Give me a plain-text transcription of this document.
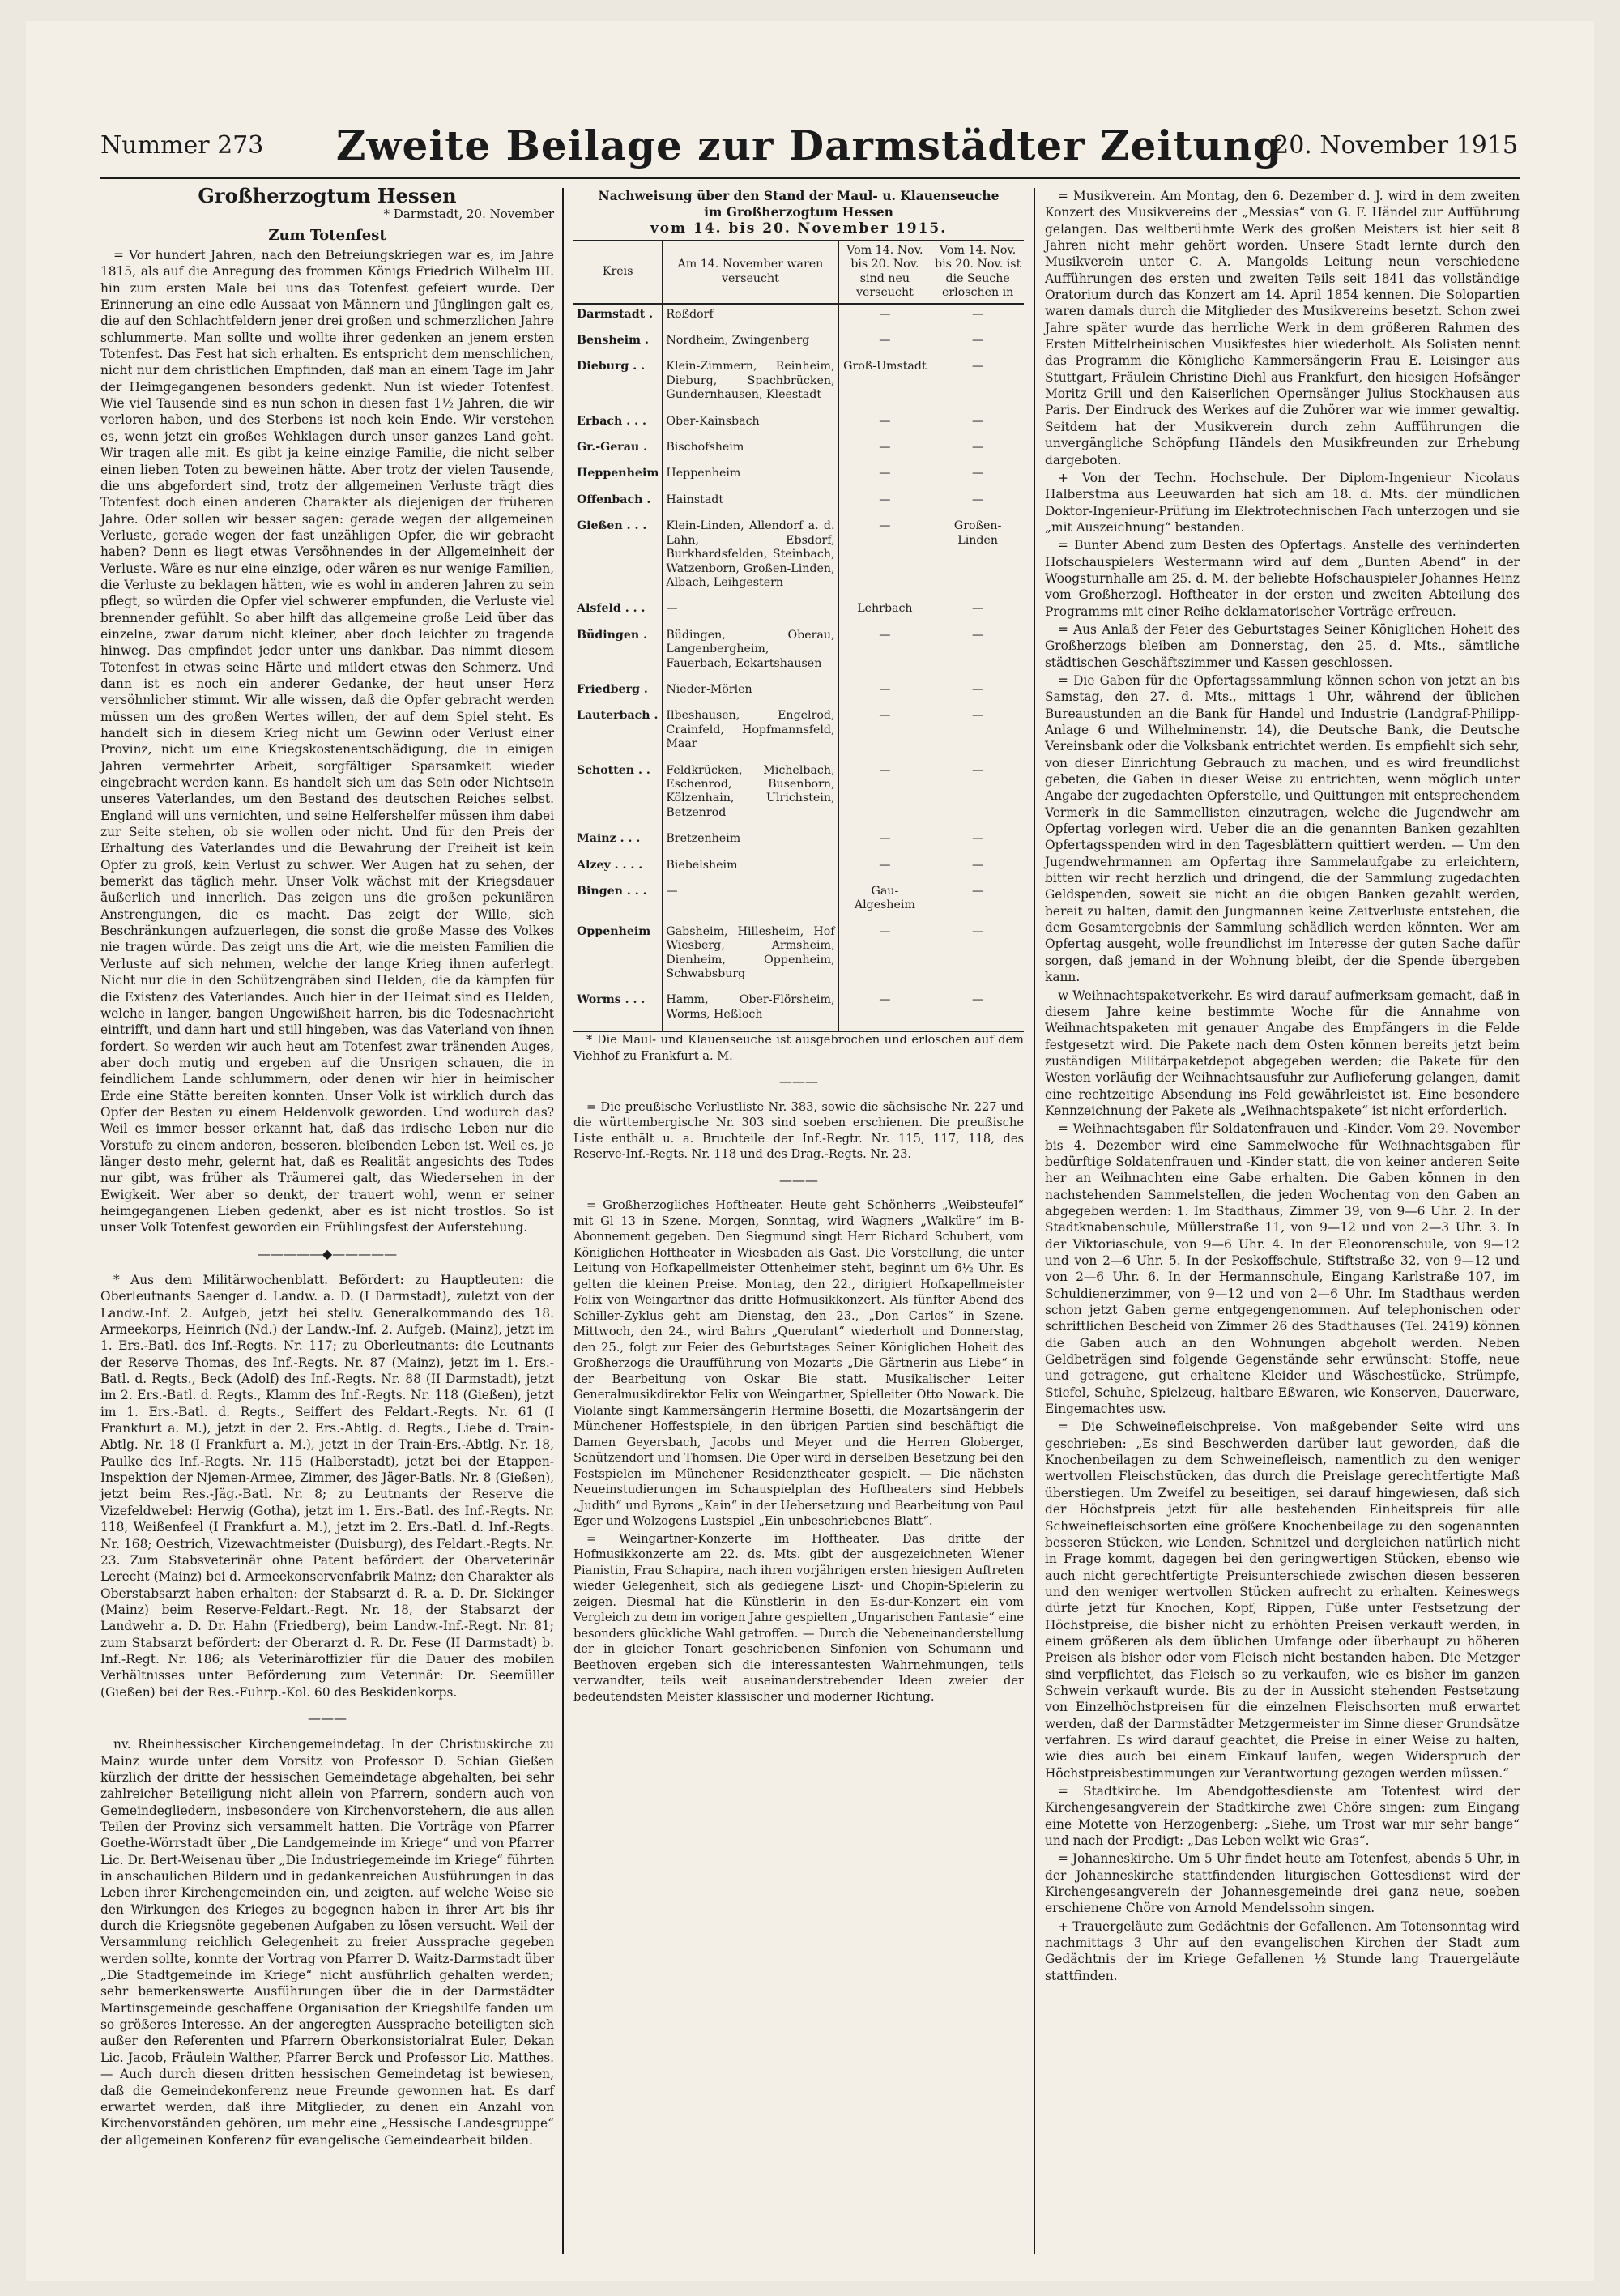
Nummer 273	Zweite Beilage zur Darmstädter Zeitung
20. November 1915
Großherzogtum Hessen
* Darmstadt, 20. November
Zum Totenfest

= Vor hundert Jahren, nach den Befreiungskriegen war es, im Jahre 1815, als auf die Anregung des frommen Königs Friedrich Wilhelm III. hin zum ersten Male bei uns das Totenfest gefeiert wurde. Der Erinnerung an eine edle Aussaat von Männern und Jünglingen galt es, die auf den Schlachtfeldern jener drei großen und schmerzlichen Jahre schlummerte. Man sollte und wollte ihrer gedenken an jenem ersten Totenfest. Das Fest hat sich erhalten. Es entspricht dem menschlichen, nicht nur dem christlichen Empfinden, daß man an einem Tage im Jahr der Heimgegangenen besonders gedenkt. Nun ist wieder Totenfest. Wie viel Tausende sind es nun schon in diesen fast 1½ Jahren, die wir verloren haben, und des Sterbens ist noch kein Ende. Wir verstehen es, wenn jetzt ein großes Wehklagen durch unser ganzes Land geht. Wir tragen alle mit. Es gibt ja keine einzige Familie, die nicht selber einen lieben Toten zu beweinen hätte. Aber trotz der vielen Tausende, die uns abgefordert sind, trotz der allgemeinen Verluste trägt dies Totenfest doch einen anderen Charakter als diejenigen der früheren Jahre. Oder sollen wir besser sagen: gerade wegen der allgemeinen Verluste, gerade wegen der fast unzähligen Opfer, die wir gebracht haben? Denn es liegt etwas Versöhnendes in der Allgemeinheit der Verluste. Wäre es nur eine einzige, oder wären es nur wenige Familien, die Verluste zu beklagen hätten, wie es wohl in anderen Jahren zu sein pflegt, so würden die Opfer viel schwerer empfunden, die Verluste viel brennender gefühlt. So aber hilft das allgemeine große Leid über das einzelne, zwar darum nicht kleiner, aber doch leichter zu tragende hinweg. Das empfindet jeder unter uns dankbar. Das nimmt diesem Totenfest in etwas seine Härte und mildert etwas den Schmerz. Und dann ist es noch ein anderer Gedanke, der heut unser Herz versöhnlicher stimmt. Wir alle wissen, daß die Opfer gebracht werden müssen um des großen Wertes willen, der auf dem Spiel steht. Es handelt sich in diesem Krieg nicht um Gewinn oder Verlust einer Provinz, nicht um eine Kriegskostenentschädigung, die in einigen Jahren vermehrter Arbeit, sorgfältiger Sparsamkeit wieder eingebracht werden kann. Es handelt sich um das Sein oder Nichtsein unseres Vaterlandes, um den Bestand des deutschen Reiches selbst. England will uns vernichten, und seine Helfershelfer müssen ihm dabei zur Seite stehen, ob sie wollen oder nicht. Und für den Preis der Erhaltung des Vaterlandes und die Bewahrung der Freiheit ist kein Opfer zu groß, kein Verlust zu schwer. Wer Augen hat zu sehen, der bemerkt das täglich mehr. Unser Volk wächst mit der Kriegsdauer äußerlich und innerlich. Das zeigen uns die großen pekuniären Anstrengungen, die es macht. Das zeigt der Wille, sich Beschränkungen aufzuerlegen, die sonst die große Masse des Volkes nie tragen würde. Das zeigt uns die Art, wie die meisten Familien die Verluste auf sich nehmen, welche der lange Krieg ihnen auferlegt. Nicht nur die in den Schützengräben sind Helden, die da kämpfen für die Existenz des Vaterlandes. Auch hier in der Heimat sind es Helden, welche in langer, bangen Ungewißheit harren, bis die Todesnachricht eintrifft, und dann hart und still hingeben, was das Vaterland von ihnen fordert. So werden wir auch heut am Totenfest zwar tränenden Auges, aber doch mutig und ergeben auf die Unsrigen schauen, die in feindlichem Lande schlummern, oder denen wir hier in heimischer Erde eine Stätte bereiten konnten. Unser Volk ist wirklich durch das Opfer der Besten zu einem Heldenvolk geworden. Und wodurch das? Weil es immer besser erkannt hat, daß das irdische Leben nur die Vorstufe zu einem anderen, besseren, bleibenden Leben ist. Weil es, je länger desto mehr, gelernt hat, daß es Realität angesichts des Todes nur gibt, was früher als Träumerei galt, das Wiedersehen in der Ewigkeit. Wer aber so denkt, der trauert wohl, wenn er seiner heimgegangenen Lieben gedenkt, aber es ist nicht trostlos. So ist unser Volk Totenfest geworden ein Frühlingsfest der Auferstehung.

—————◆—————

* Aus dem Militärwochenblatt. Befördert: zu Hauptleuten: die Oberleutnants Saenger d. Landw. a. D. (I Darmstadt), zuletzt von der Landw.-Inf. 2. Aufgeb, jetzt bei stellv. Generalkommando des 18. Armeekorps, Heinrich (Nd.) der Landw.-Inf. 2. Aufgeb. (Mainz), jetzt im 1. Ers.-Batl. des Inf.-Regts. Nr. 117; zu Oberleutnants: die Leutnants der Reserve Thomas, des Inf.-Regts. Nr. 87 (Mainz), jetzt im 1. Ers.-Batl. d. Regts., Beck (Adolf) des Inf.-Regts. Nr. 88 (II Darmstadt), jetzt im 2. Ers.-Batl. d. Regts., Klamm des Inf.-Regts. Nr. 118 (Gießen), jetzt im 1. Ers.-Batl. d. Regts., Seiffert des Feldart.-Regts. Nr. 61 (I Frankfurt a. M.), jetzt in der 2. Ers.-Abtlg. d. Regts., Liebe d. Train-Abtlg. Nr. 18 (I Frankfurt a. M.), jetzt in der Train-Ers.-Abtlg. Nr. 18, Paulke des Inf.-Regts. Nr. 115 (Halberstadt), jetzt bei der Etappen-Inspektion der Njemen-Armee, Zimmer, des Jäger-Batls. Nr. 8 (Gießen), jetzt beim Res.-Jäg.-Batl. Nr. 8; zu Leutnants der Reserve die Vizefeldwebel: Herwig (Gotha), jetzt im 1. Ers.-Batl. des Inf.-Regts. Nr. 118, Weißenfeel (I Frankfurt a. M.), jetzt im 2. Ers.-Batl. d. Inf.-Regts. Nr. 168; Oestrich, Vizewachtmeister (Duisburg), des Feldart.-Regts. Nr. 23. Zum Stabsveterinär ohne Patent befördert der Oberveterinär Lerecht (Mainz) bei d. Armeekonservenfabrik Mainz; den Charakter als Oberstabsarzt haben erhalten: der Stabsarzt d. R. a. D. Dr. Sickinger (Mainz) beim Reserve-Feldart.-Regt. Nr. 18, der Stabsarzt der Landwehr a. D. Dr. Hahn (Friedberg), beim Landw.-Inf.-Regt. Nr. 81; zum Stabsarzt befördert: der Oberarzt d. R. Dr. Fese (II Darmstadt) b. Inf.-Regt. Nr. 186; als Veterinäroffizier für die Dauer des mobilen Verhältnisses unter Beförderung zum Veterinär: Dr. Seemüller (Gießen) bei der Res.-Fuhrp.-Kol. 60 des Beskidenkorps.

———

nv. Rheinhessischer Kirchengemeindetag. In der Christuskirche zu Mainz wurde unter dem Vorsitz von Professor D. Schian Gießen kürzlich der dritte der hessischen Gemeindetage abgehalten, bei sehr zahlreicher Beteiligung nicht allein von Pfarrern, sondern auch von Gemeindegliedern, insbesondere von Kirchenvorstehern, die aus allen Teilen der Provinz sich versammelt hatten. Die Vorträge von Pfarrer Goethe-Wörrstadt über „Die Landgemeinde im Kriege“ und von Pfarrer Lic. Dr. Bert-Weisenau über „Die Industriegemeinde im Kriege“ führten in anschaulichen Bildern und in gedankenreichen Ausführungen in das Leben ihrer Kirchengemeinden ein, und zeigten, auf welche Weise sie den Wirkungen des Krieges zu begegnen haben in ihrer Art bis ihr durch die Kriegsnöte gegebenen Aufgaben zu lösen versucht. Weil der Versammlung reichlich Gelegenheit zu freier Aussprache gegeben werden sollte, konnte der Vortrag von Pfarrer D. Waitz-Darmstadt über „Die Stadtgemeinde im Kriege“ nicht ausführlich gehalten werden; sehr bemerkenswerte Ausführungen über die in der Darmstädter Martinsgemeinde geschaffene Organisation der Kriegshilfe fanden um so größeres Interesse. An der angeregten Aussprache beteiligten sich außer den Referenten und Pfarrern Oberkonsistorialrat Euler, Dekan Lic. Jacob, Fräulein Walther, Pfarrer Berck und Professor Lic. Matthes. — Auch durch diesen dritten hessischen Gemeindetag ist bewiesen, daß die Gemeindekonferenz neue Freunde gewonnen hat. Es darf erwartet werden, daß ihre Mitglieder, zu denen ein Anzahl von Kirchenvorständen gehören, um mehr eine „Hessische Landesgruppe“ der allgemeinen Konferenz für evangelische Gemeindearbeit bilden.

Nachweisung über den Stand der Maul- u. Klauenseuche
im Großherzogtum Hessen
vom 14. bis 20. November 1915.
Kreis	Am 14. November waren verseucht	Vom 14. Nov. bis 20. Nov. sind neu verseucht	Vom 14. Nov. bis 20. Nov. ist die Seuche erloschen in
Darmstadt .	Roßdorf	—	—
Bensheim .	Nordheim, Zwingenberg	—	—
Dieburg . .	Klein-Zimmern, Reinheim, Dieburg, Spachbrücken, Gundernhausen, Kleestadt	Groß-Umstadt	—
Erbach . . .	Ober-Kainsbach	—	—
Gr.-Gerau .	Bischofsheim	—	—
Heppenheim	Heppenheim	—	—
Offenbach .	Hainstadt	—	—
Gießen . . .	Klein-Linden, Allendorf a. d. Lahn, Ebsdorf, Burkhardsfelden, Steinbach, Watzenborn, Großen-Linden, Albach, Leihgestern	—	Großen-Linden
Alsfeld . . .	—	Lehrbach	—
Büdingen .	Büdingen, Oberau, Langenbergheim, Fauerbach, Eckartshausen	—	—
Friedberg .	Nieder-Mörlen	—	—
Lauterbach .	Ilbeshausen, Engelrod, Crainfeld, Hopfmannsfeld, Maar	—	—
Schotten . .	Feldkrücken, Michelbach, Eschenrod, Busenborn, Kölzenhain, Ulrichstein, Betzenrod	—	—
Mainz . . .	Bretzenheim	—	—
Alzey . . . .	Biebelsheim	—	—
Bingen . . .	—	Gau-Algesheim	—
Oppenheim	Gabsheim, Hillesheim, Hof Wiesberg, Armsheim, Dienheim, Oppenheim, Schwabsburg	—	—
Worms . . .	Hamm, Ober-Flörsheim, Worms, Heßloch	—	—

* Die Maul- und Klauenseuche ist ausgebrochen und erloschen auf dem Viehhof zu Frankfurt a. M.

———

= Die preußische Verlustliste Nr. 383, sowie die sächsische Nr. 227 und die württembergische Nr. 303 sind soeben erschienen. Die preußische Liste enthält u. a. Bruchteile der Inf.-Regtr. Nr. 115, 117, 118, des Reserve-Inf.-Regts. Nr. 118 und des Drag.-Regts. Nr. 23.

———

= Großherzogliches Hoftheater. Heute geht Schönherrs „Weibsteufel“ mit Gl 13 in Szene. Morgen, Sonntag, wird Wagners „Walküre“ im B-Abonnement gegeben. Den Siegmund singt Herr Richard Schubert, vom Königlichen Hoftheater in Wiesbaden als Gast. Die Vorstellung, die unter Leitung von Hofkapellmeister Ottenheimer steht, beginnt um 6½ Uhr. Es gelten die kleinen Preise. Montag, den 22., dirigiert Hofkapellmeister Felix von Weingartner das dritte Hofmusikkonzert. Als fünfter Abend des Schiller-Zyklus geht am Dienstag, den 23., „Don Carlos“ in Szene. Mittwoch, den 24., wird Bahrs „Querulant“ wiederholt und Donnerstag, den 25., folgt zur Feier des Geburtstages Seiner Königlichen Hoheit des Großherzogs die Uraufführung von Mozarts „Die Gärtnerin aus Liebe“ in der Bearbeitung von Oskar Bie statt. Musikalischer Leiter Generalmusikdirektor Felix von Weingartner, Spielleiter Otto Nowack. Die Violante singt Kammersängerin Hermine Bosetti, die Mozartsängerin der Münchener Hoffestspiele, in den übrigen Partien sind beschäftigt die Damen Geyersbach, Jacobs und Meyer und die Herren Globerger, Schützendorf und Thomsen. Die Oper wird in derselben Besetzung bei den Festspielen im Münchener Residenztheater gespielt. — Die nächsten Neueinstudierungen im Schauspielplan des Hoftheaters sind Hebbels „Judith“ und Byrons „Kain“ in der Uebersetzung und Bearbeitung von Paul Eger und Wolzogens Lustspiel „Ein unbeschriebenes Blatt“.

= Weingartner-Konzerte im Hoftheater. Das dritte der Hofmusikkonzerte am 22. ds. Mts. gibt der ausgezeichneten Wiener Pianistin, Frau Schapira, nach ihren vorjährigen ersten hiesigen Auftreten wieder Gelegenheit, sich als gediegene Liszt- und Chopin-Spielerin zu zeigen. Diesmal hat die Künstlerin in den Es-dur-Konzert ein vom Vergleich zu dem im vorigen Jahre gespielten „Ungarischen Fantasie“ eine besonders glückliche Wahl getroffen. — Durch die Nebeneinanderstellung der in gleicher Tonart geschriebenen Sinfonien von Schumann und Beethoven ergeben sich die interessantesten Wahrnehmungen, teils verwandter, teils weit auseinanderstrebender Ideen zweier der bedeutendsten Meister klassischer und moderner Richtung.

= Musikverein. Am Montag, den 6. Dezember d. J. wird in dem zweiten Konzert des Musikvereins der „Messias“ von G. F. Händel zur Aufführung gelangen. Das weltberühmte Werk des großen Meisters ist hier seit 8 Jahren nicht mehr gehört worden. Unsere Stadt lernte durch den Musikverein unter C. A. Mangolds Leitung neun verschiedene Aufführungen des ersten und zweiten Teils seit 1841 das vollständige Oratorium durch das Konzert am 14. April 1854 kennen. Die Solopartien waren damals durch die Mitglieder des Musikvereins besetzt. Schon zwei Jahre später wurde das herrliche Werk in dem größeren Rahmen des Ersten Mittelrheinischen Musikfestes hier wiederholt. Als Solisten nennt das Programm die Königliche Kammersängerin Frau E. Leisinger aus Stuttgart, Fräulein Christine Diehl aus Frankfurt, den hiesigen Hofsänger Moritz Grill und den Kaiserlichen Opernsänger Julius Stockhausen aus Paris. Der Eindruck des Werkes auf die Zuhörer war wie immer gewaltig. Seitdem hat der Musikverein durch zehn Aufführungen die unvergängliche Schöpfung Händels den Musikfreunden zur Erhebung dargeboten.

+ Von der Techn. Hochschule. Der Diplom-Ingenieur Nicolaus Halberstma aus Leeuwarden hat sich am 18. d. Mts. der mündlichen Doktor-Ingenieur-Prüfung im Elektrotechnischen Fach unterzogen und sie „mit Auszeichnung“ bestanden.

= Bunter Abend zum Besten des Opfertags. Anstelle des verhinderten Hofschauspielers Westermann wird auf dem „Bunten Abend“ in der Woogsturnhalle am 25. d. M. der beliebte Hofschauspieler Johannes Heinz vom Großherzogl. Hoftheater in der ersten und zweiten Abteilung des Programms mit einer Reihe deklamatorischer Vorträge erfreuen.

= Aus Anlaß der Feier des Geburtstages Seiner Königlichen Hoheit des Großherzogs bleiben am Donnerstag, den 25. d. Mts., sämtliche städtischen Geschäftszimmer und Kassen geschlossen.

= Die Gaben für die Opfertagssammlung können schon von jetzt an bis Samstag, den 27. d. Mts., mittags 1 Uhr, während der üblichen Bureaustunden an die Bank für Handel und Industrie (Landgraf-Philipp-Anlage 6 und Wilhelminenstr. 14), die Deutsche Bank, die Deutsche Vereinsbank oder die Volksbank entrichtet werden. Es empfiehlt sich sehr, von dieser Einrichtung Gebrauch zu machen, und es wird freundlichst gebeten, die Gaben in dieser Weise zu entrichten, wenn möglich unter Angabe der zugedachten Opferstelle, und Quittungen mit entsprechendem Vermerk in die Sammellisten einzutragen, welche die Jugendwehr am Opfertag vorlegen wird. Ueber die an die genannten Banken gezahlten Opfertagsspenden wird in den Tagesblättern quittiert werden. — Um den Jugendwehrmannen am Opfertag ihre Sammelaufgabe zu erleichtern, bitten wir recht herzlich und dringend, die der Sammlung zugedachten Geldspenden, soweit sie nicht an die obigen Banken gezahlt werden, bereit zu halten, damit den Jungmannen keine Zeitverluste entstehen, die dem Gesamtergebnis der Sammlung schädlich werden könnten. Wer am Opfertag ausgeht, wolle freundlichst im Interesse der guten Sache dafür sorgen, daß jemand in der Wohnung bleibt, der die Spende übergeben kann.

w Weihnachtspaketverkehr. Es wird darauf aufmerksam gemacht, daß in diesem Jahre keine bestimmte Woche für die Annahme von Weihnachtspaketen mit genauer Angabe des Empfängers in die Felde festgesetzt wird. Die Pakete nach dem Osten können bereits jetzt beim zuständigen Militärpaketdepot abgegeben werden; die Pakete für den Westen vorläufig der Weihnachtsausfuhr zur Auflieferung gelangen, damit eine rechtzeitige Absendung ins Feld gewährleistet ist. Eine besondere Kennzeichnung der Pakete als „Weihnachtspakete“ ist nicht erforderlich.

= Weihnachtsgaben für Soldatenfrauen und -Kinder. Vom 29. November bis 4. Dezember wird eine Sammelwoche für Weihnachtsgaben für bedürftige Soldatenfrauen und -Kinder statt, die von keiner anderen Seite her an Weihnachten eine Gabe erhalten. Die Gaben können in den nachstehenden Sammelstellen, die jeden Wochentag von den Gaben an abgegeben werden: 1. Im Stadthaus, Zimmer 39, von 9—6 Uhr. 2. In der Stadtknabenschule, Müllerstraße 11, von 9—12 und von 2—3 Uhr. 3. In der Viktoriaschule, von 9—6 Uhr. 4. In der Eleonorenschule, von 9—12 und von 2—6 Uhr. 5. In der Peskoffschule, Stiftstraße 32, von 9—12 und von 2—6 Uhr. 6. In der Hermannschule, Eingang Karlstraße 107, im Schuldienerzimmer, von 9—12 und von 2—6 Uhr. Im Stadthaus werden schon jetzt Gaben gerne entgegengenommen. Auf telephonischen oder schriftlichen Bescheid von Zimmer 26 des Stadthauses (Tel. 2419) können die Gaben auch an den Wohnungen abgeholt werden. Neben Geldbeträgen sind folgende Gegenstände sehr erwünscht: Stoffe, neue und getragene, gut erhaltene Kleider und Wäschestücke, Strümpfe, Stiefel, Schuhe, Spielzeug, haltbare Eßwaren, wie Konserven, Dauerware, Eingemachtes usw.

= Die Schweinefleischpreise. Von maßgebender Seite wird uns geschrieben: „Es sind Beschwerden darüber laut geworden, daß die Knochenbeilagen zu dem Schweinefleisch, namentlich zu den weniger wertvollen Fleischstücken, das durch die Preislage gerechtfertigte Maß überstiegen. Um Zweifel zu beseitigen, sei darauf hingewiesen, daß sich der Höchstpreis jetzt für alle bestehenden Einheitspreis für alle Schweinefleischsorten eine größere Knochenbeilage zu den sogenannten besseren Stücken, wie Lenden, Schnitzel und dergleichen natürlich nicht in Frage kommt, dagegen bei den geringwertigen Stücken, ebenso wie auch nicht gerechtfertigte Preisunterschiede zwischen diesen besseren und den weniger wertvollen Stücken aufrecht zu erhalten. Keineswegs dürfe jetzt für Knochen, Kopf, Rippen, Füße unter Festsetzung der Höchstpreise, die bisher nicht zu erhöhten Preisen verkauft werden, in einem größeren als dem üblichen Umfange oder überhaupt zu höheren Preisen als bisher oder vom Fleisch nicht bestanden haben. Die Metzger sind verpflichtet, das Fleisch so zu verkaufen, wie es bisher im ganzen Schwein verkauft wurde. Bis zu der in Aussicht stehenden Festsetzung von Einzelhöchstpreisen für die einzelnen Fleischsorten muß erwartet werden, daß der Darmstädter Metzgermeister im Sinne dieser Grundsätze verfahren. Es wird darauf geachtet, die Preise in einer Weise zu halten, wie dies auch bei einem Einkauf laufen, wegen Widerspruch der Höchstpreisbestimmungen zur Verantwortung gezogen werden müssen.“

= Stadtkirche. Im Abendgottesdienste am Totenfest wird der Kirchengesangverein der Stadtkirche zwei Chöre singen: zum Eingang eine Motette von Herzogenberg: „Siehe, um Trost war mir sehr bange“ und nach der Predigt: „Das Leben welkt wie Gras“.

= Johanneskirche. Um 5 Uhr findet heute am Totenfest, abends 5 Uhr, in der Johanneskirche stattfindenden liturgischen Gottesdienst wird der Kirchengesangverein der Johannesgemeinde drei ganz neue, soeben erschienene Chöre von Arnold Mendelssohn singen.

+ Trauergeläute zum Gedächtnis der Gefallenen. Am Totensonntag wird nachmittags 3 Uhr auf den evangelischen Kirchen der Stadt zum Gedächtnis der im Kriege Gefallenen ½ Stunde lang Trauergeläute stattfinden.
